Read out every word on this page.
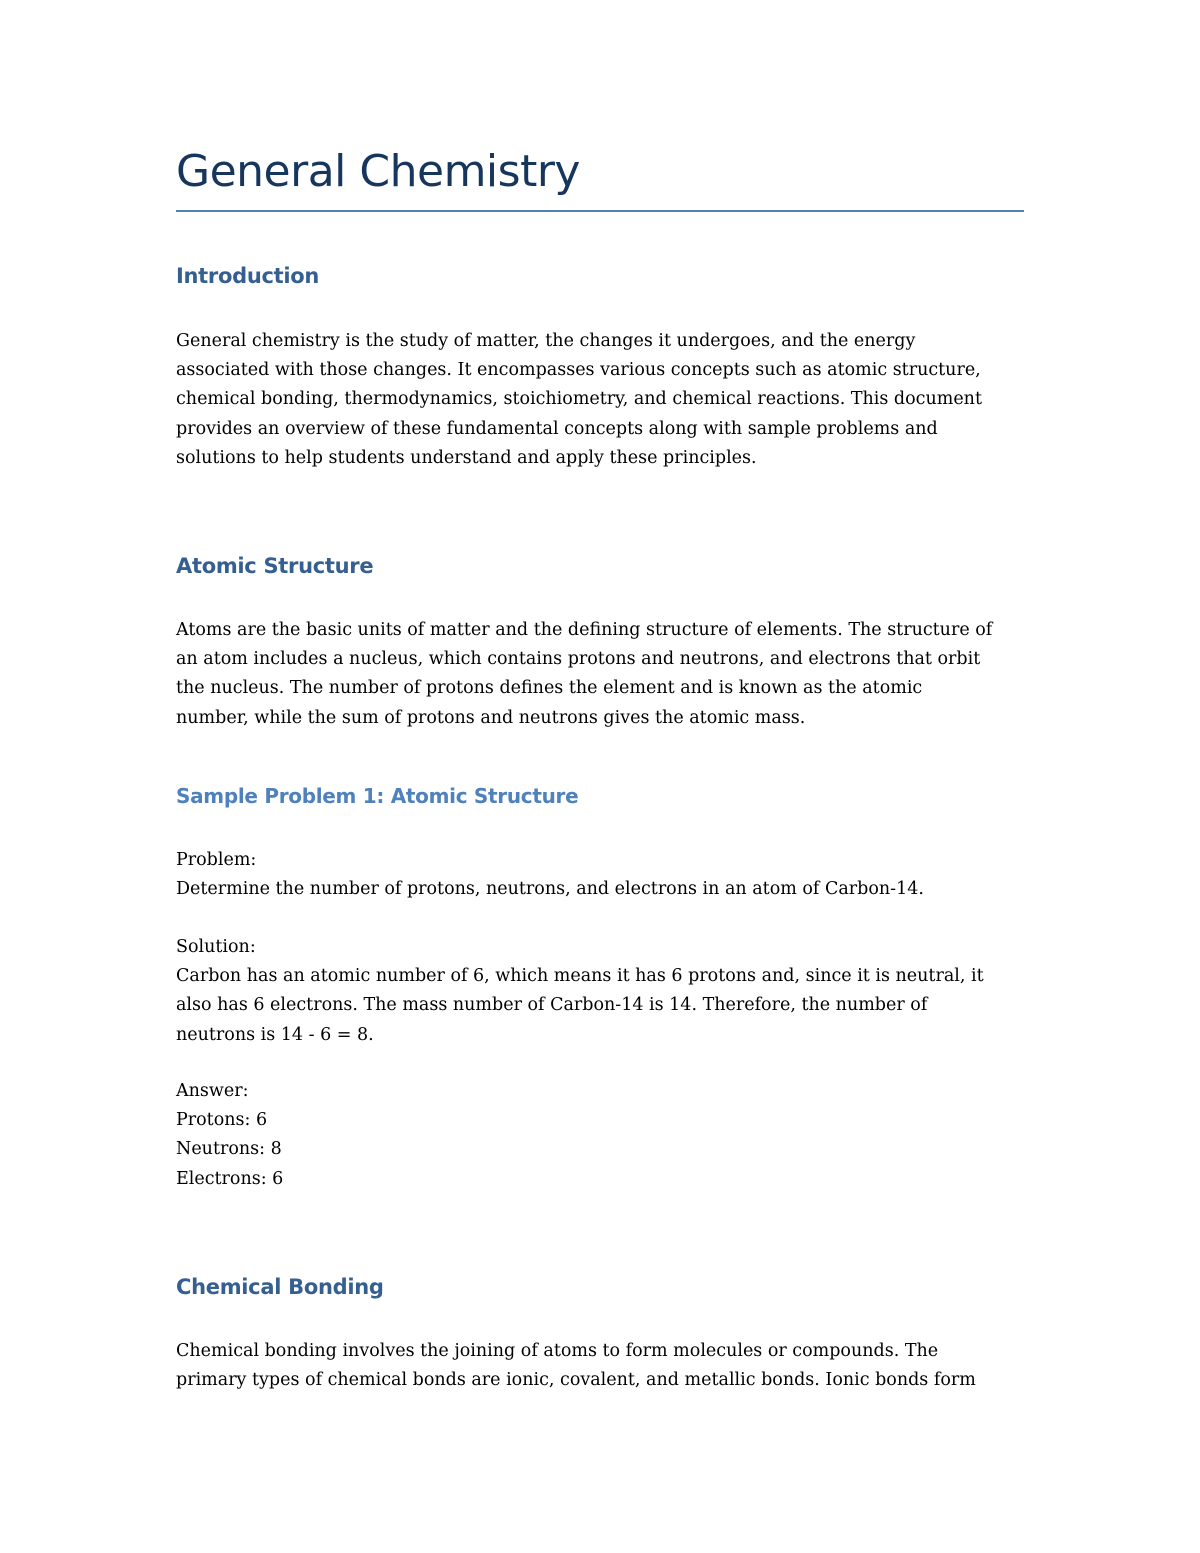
General Chemistry
Introduction

General chemistry is the study of matter, the changes it undergoes, and the energy
associated with those changes. It encompasses various concepts such as atomic structure,
chemical bonding, thermodynamics, stoichiometry, and chemical reactions. This document
provides an overview of these fundamental concepts along with sample problems and
solutions to help students understand and apply these principles.

Atomic Structure

Atoms are the basic units of matter and the defining structure of elements. The structure of
an atom includes a nucleus, which contains protons and neutrons, and electrons that orbit
the nucleus. The number of protons defines the element and is known as the atomic
number, while the sum of protons and neutrons gives the atomic mass.

Sample Problem 1: Atomic Structure

Problem:
Determine the number of protons, neutrons, and electrons in an atom of Carbon-14.

Solution:
Carbon has an atomic number of 6, which means it has 6 protons and, since it is neutral, it
also has 6 electrons. The mass number of Carbon-14 is 14. Therefore, the number of
neutrons is 14 - 6 = 8.

Answer:
Protons: 6
Neutrons: 8
Electrons: 6

Chemical Bonding

Chemical bonding involves the joining of atoms to form molecules or compounds. The
primary types of chemical bonds are ionic, covalent, and metallic bonds. Ionic bonds form
